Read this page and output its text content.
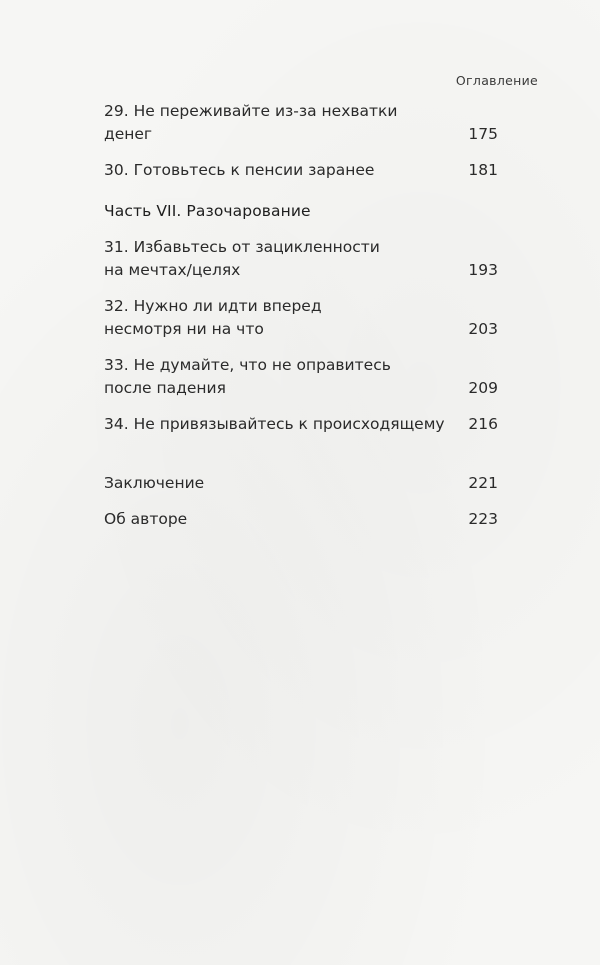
Оглавление
29. Не переживайте из-за нехватки денег	175
30. Готовьтесь к пенсии заранее	181
Часть VII. Разочарование
31. Избавьтесь от зацикленности
на мечтах/целях	193
32. Нужно ли идти вперед
несмотря ни на что	203
33. Не думайте, что не оправитесь
после падения	209
34. Не привязывайтесь к происходящему	216
Заключение	221
Об авторе	223
